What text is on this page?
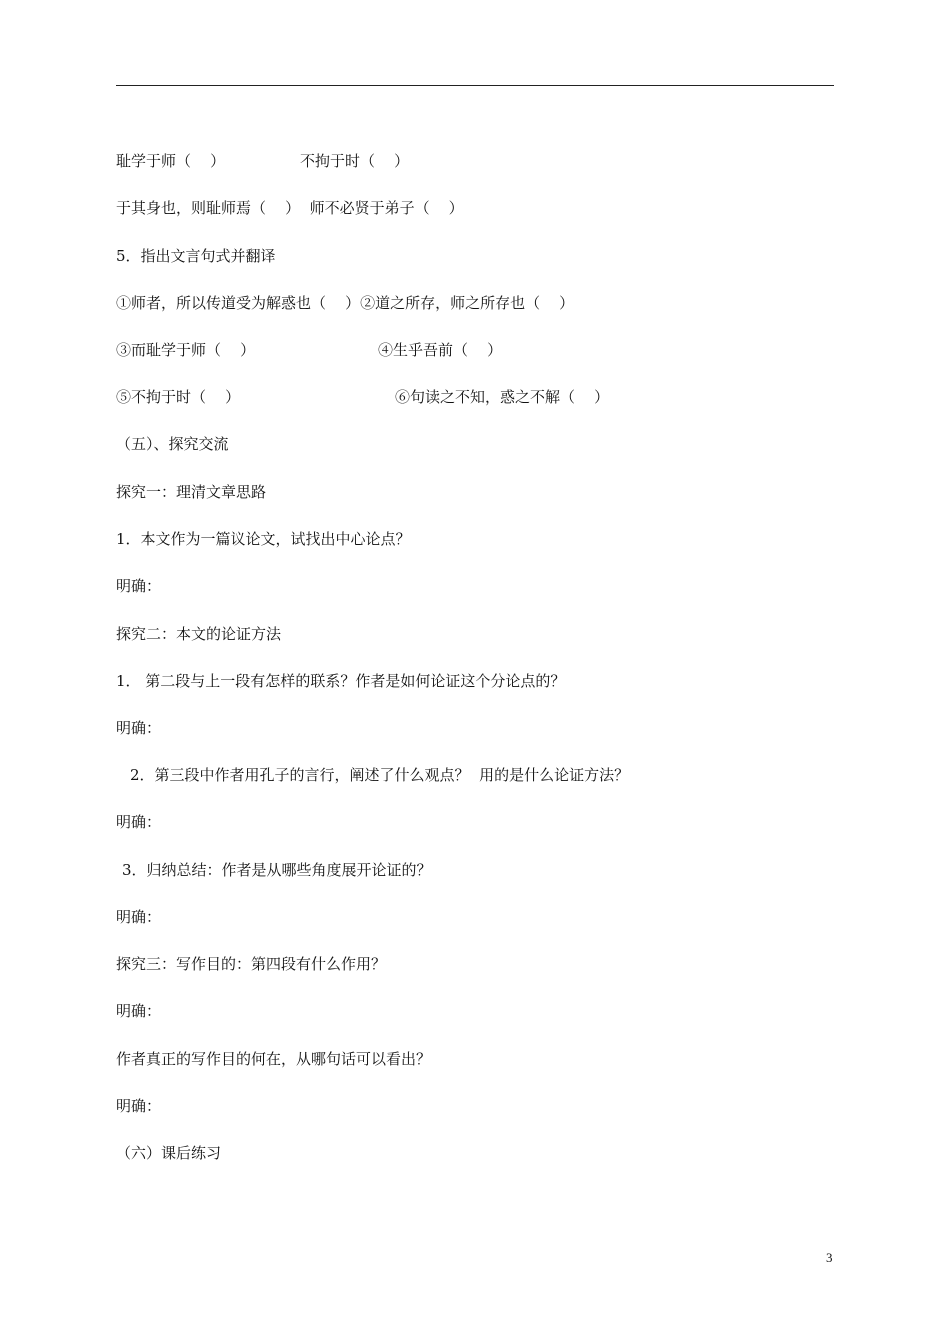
耻学于师（    ）	不拘于时（    ）
于其身也，则耻师焉（    ）  师不必贤于弟子（    ）
5．指出文言句式并翻译
①师者，所以传道受为解惑也（    ）②道之所存，师之所存也（    ）
③而耻学于师（    ）	④生乎吾前（    ）
⑤不拘于时（    ）	⑥句读之不知，惑之不解（    ）
（五）、探究交流
探究一：理清文章思路
1．本文作为一篇议论文，试找出中心论点？
明确：
探究二：本文的论证方法
1． 第二段与上一段有怎样的联系？作者是如何论证这个分论点的？
明确：
2．第三段中作者用孔子的言行，阐述了什么观点？  用的是什么论证方法？
明确：
3．归纳总结：作者是从哪些角度展开论证的？
明确：
探究三：写作目的：第四段有什么作用？
明确：
作者真正的写作目的何在，从哪句话可以看出？
明确：
（六）课后练习
3
